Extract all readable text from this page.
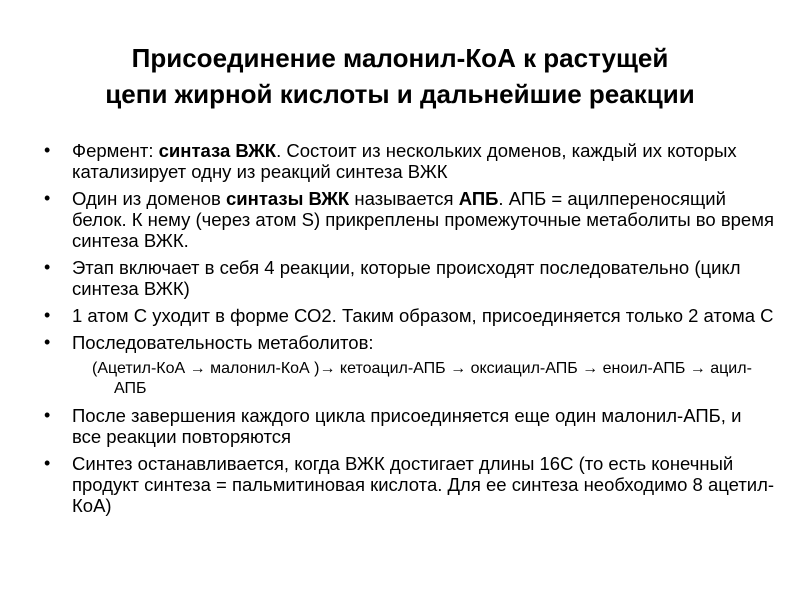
Присоединение малонил-КоА к растущей
цепи жирной кислоты и дальнейшие реакции
• Фермент: синтаза ВЖК. Состоит из нескольких доменов, каждый их которых катализирует одну из реакций синтеза ВЖК
• Один из доменов синтазы ВЖК называется АПБ. АПБ = ацилпереносящий белок. К нему (через атом S) прикреплены промежуточные метаболиты во время синтеза ВЖК.
• Этап включает в себя 4 реакции, которые происходят последовательно (цикл синтеза ВЖК)
• 1 атом С уходит в форме СО2. Таким образом, присоединяется только 2 атома С
• Последовательность метаболитов:
(Ацетил-КоА → малонил-КоА )→ кетоацил-АПБ → оксиацил-АПБ → еноил-АПБ → ацил-АПБ
• После завершения каждого цикла присоединяется еще один малонил-АПБ, и все реакции повторяются
• Синтез останавливается, когда ВЖК достигает длины 16С (то есть конечный продукт синтеза = пальмитиновая кислота. Для ее синтеза необходимо 8 ацетил-КоА)
